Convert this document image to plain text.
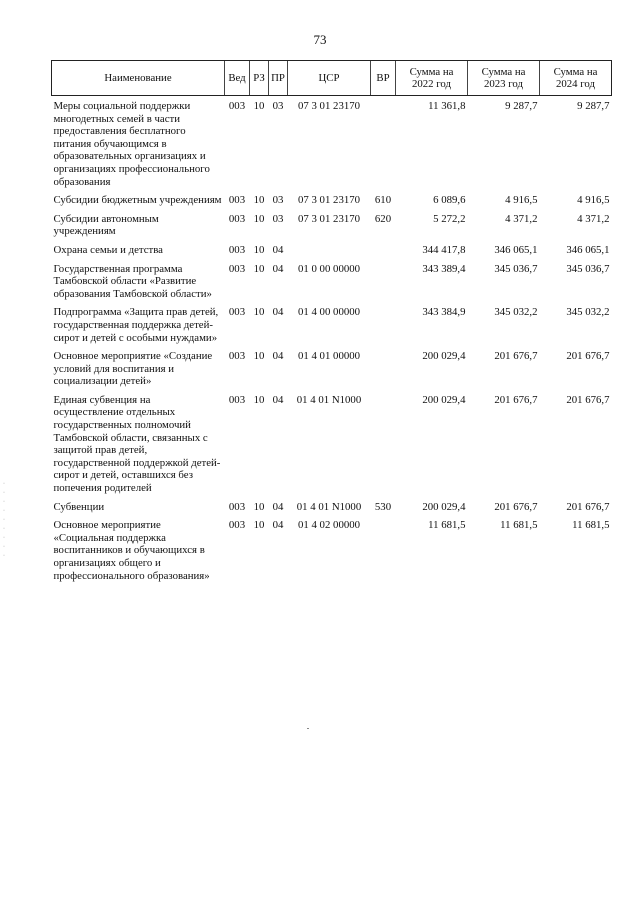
73
Наименование	Вед	РЗ	ПР	ЦСР	ВР	Сумма на 2022 год	Сумма на 2023 год	Сумма на 2024 год
Меры социальной поддержки многодетных семей в части предоставления бесплатного питания обучающимся в образовательных организациях и организациях профессионального образования	003	10	03	07 3 01 23170		11 361,8	9 287,7	9 287,7
Субсидии бюджетным учреждениям	003	10	03	07 3 01 23170	610	6 089,6	4 916,5	4 916,5
Субсидии автономным учреждениям	003	10	03	07 3 01 23170	620	5 272,2	4 371,2	4 371,2
Охрана семьи и детства	003	10	04			344 417,8	346 065,1	346 065,1
Государственная программа Тамбовской области «Развитие образования Тамбовской области»	003	10	04	01 0 00 00000		343 389,4	345 036,7	345 036,7
Подпрограмма «Защита прав детей, государственная поддержка детей-сирот и детей с особыми нуждами»	003	10	04	01 4 00 00000		343 384,9	345 032,2	345 032,2
Основное мероприятие «Создание условий для воспитания и социализации детей»	003	10	04	01 4 01 00000		200 029,4	201 676,7	201 676,7
Единая субвенция на осуществление отдельных государственных полномочий Тамбовской области, связанных с защитой прав детей, государственной поддержкой детей-сирот и детей, оставшихся без попечения родителей	003	10	04	01 4 01 N1000		200 029,4	201 676,7	201 676,7
Субвенции	003	10	04	01 4 01 N1000	530	200 029,4	201 676,7	201 676,7
Основное мероприятие «Социальная поддержка воспитанников и обучающихся в организациях общего и профессионального образования»	003	10	04	01 4 02 00000		11 681,5	11 681,5	11 681,5
·
·
·
·
·
·
·
·
·
